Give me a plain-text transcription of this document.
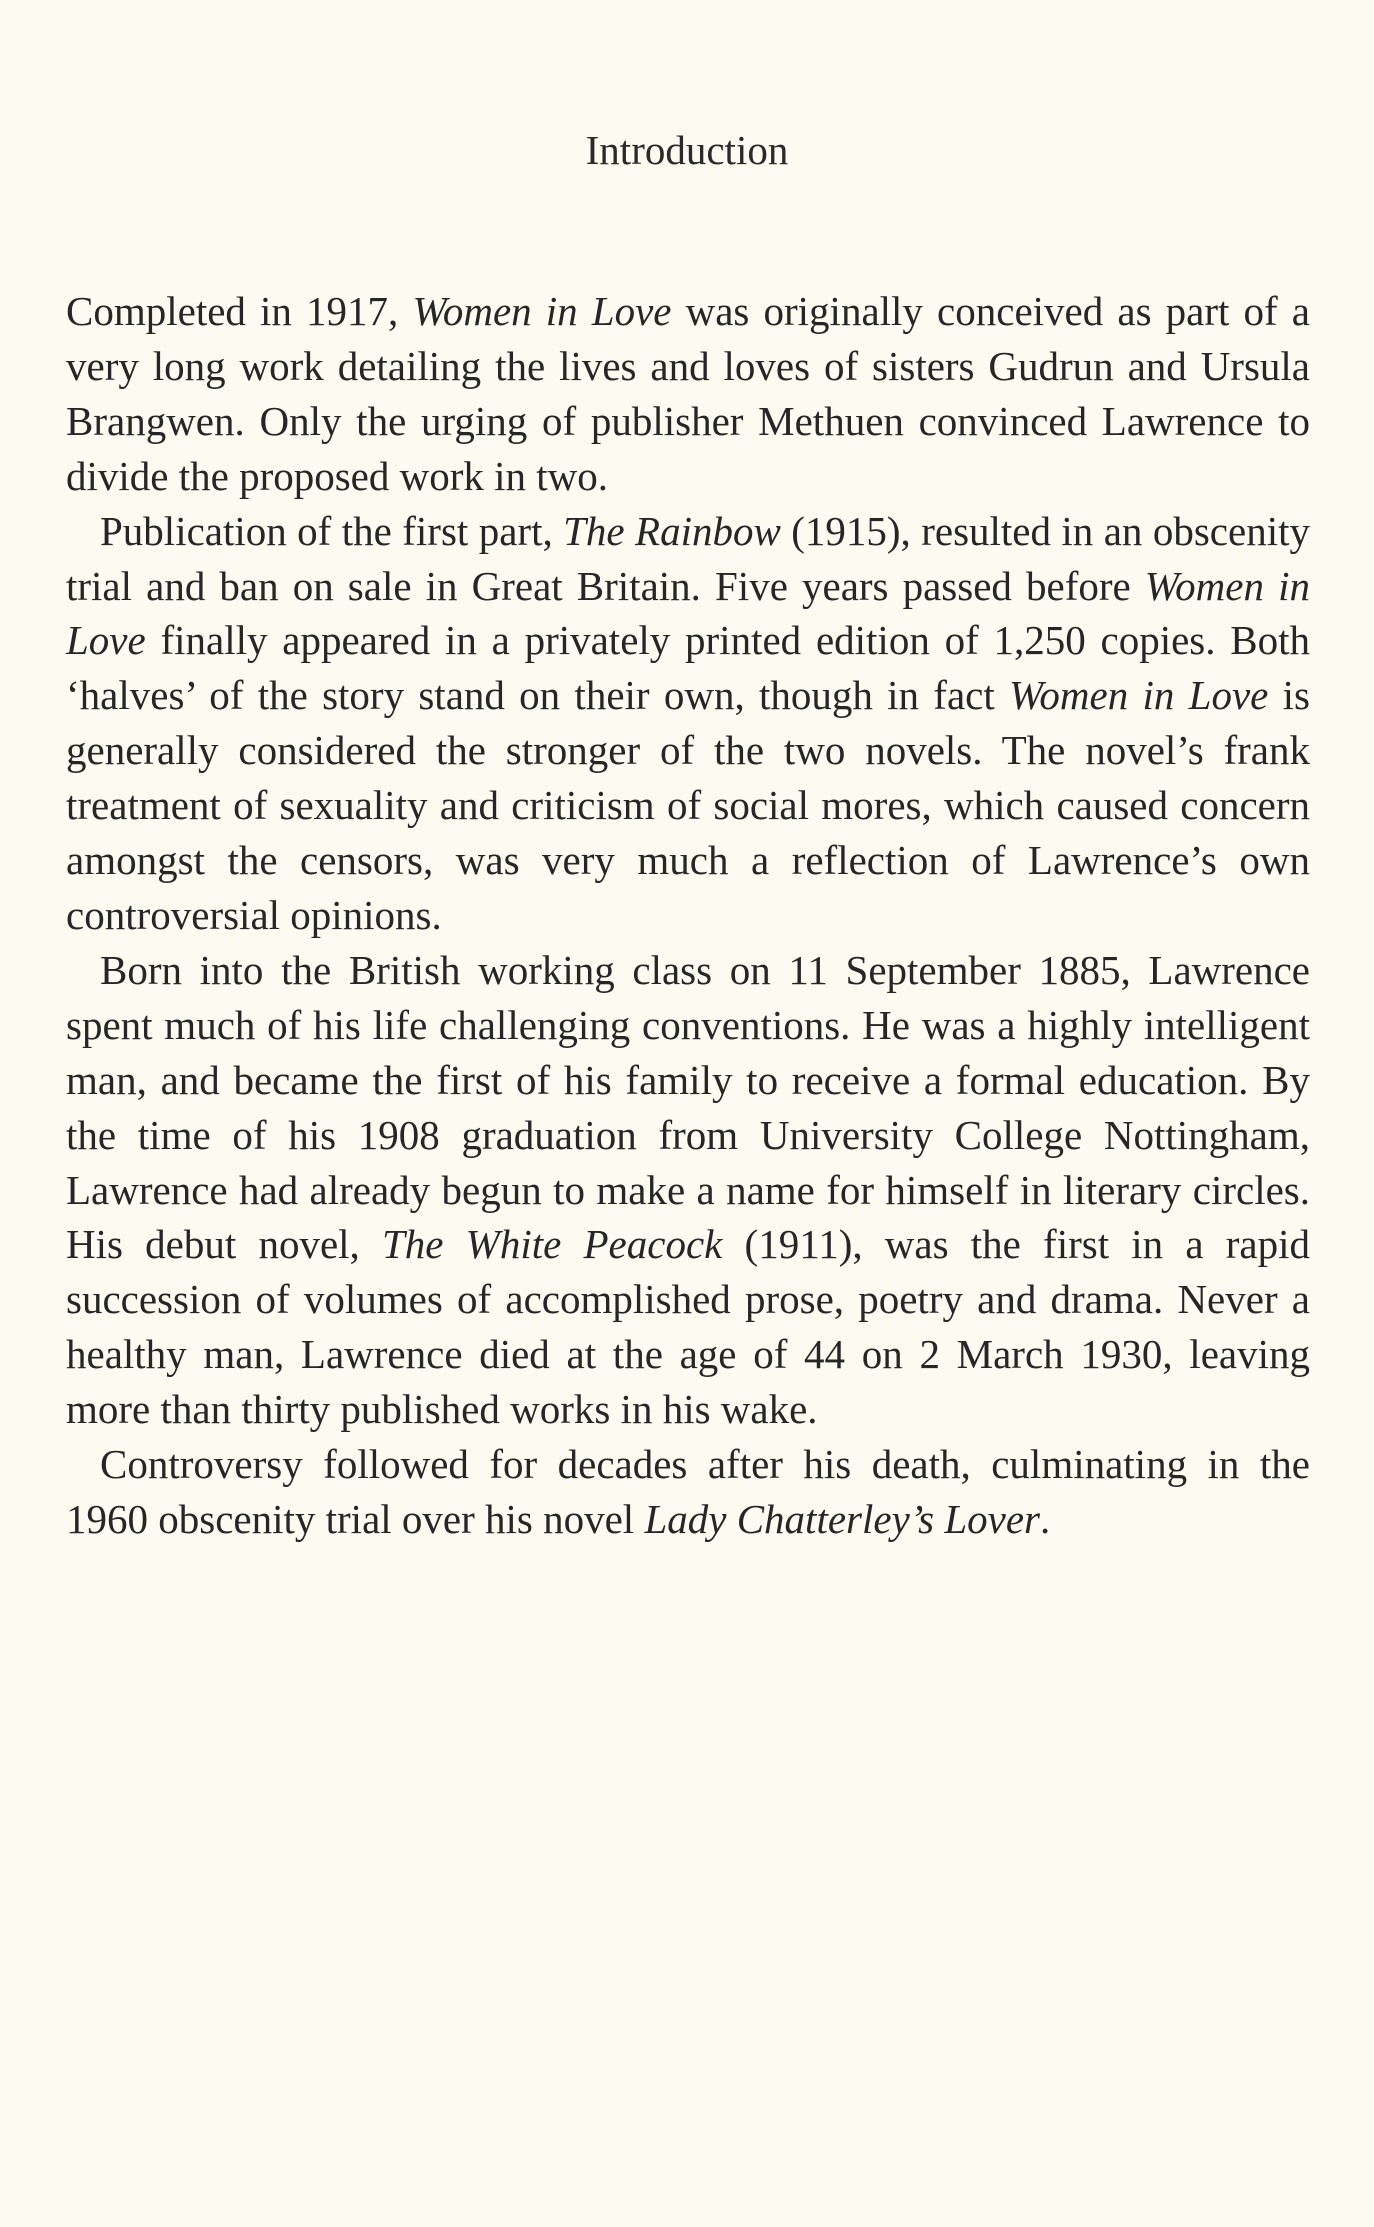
Introduction

Completed in 1917, Women in Love was originally conceived as part of a very long work detailing the lives and loves of sisters Gudrun and Ursula Brangwen. Only the urging of publisher Methuen convinced Lawrence to divide the proposed work in two.

Publication of the first part, The Rainbow (1915), resulted in an obscenity trial and ban on sale in Great Britain. Five years passed before Women in Love finally appeared in a privately printed edition of 1,250 copies. Both ‘halves’ of the story stand on their own, though in fact Women in Love is generally considered the stronger of the two novels. The novel’s frank treatment of sexuality and criticism of social mores, which caused concern amongst the censors, was very much a reflection of Lawrence’s own controversial opinions.

Born into the British working class on 11 September 1885, Lawrence spent much of his life challenging conventions. He was a highly intelligent man, and became the first of his family to receive a formal education. By the time of his 1908 graduation from University College Nottingham, Lawrence had already begun to make a name for himself in literary circles. His debut novel, The White Peacock (1911), was the first in a rapid succession of volumes of accomplished prose, poetry and drama. Never a healthy man, Lawrence died at the age of 44 on 2 March 1930, leaving more than thirty published works in his wake.

Controversy followed for decades after his death, culminating in the 1960 obscenity trial over his novel Lady Chatterley’s Lover.
